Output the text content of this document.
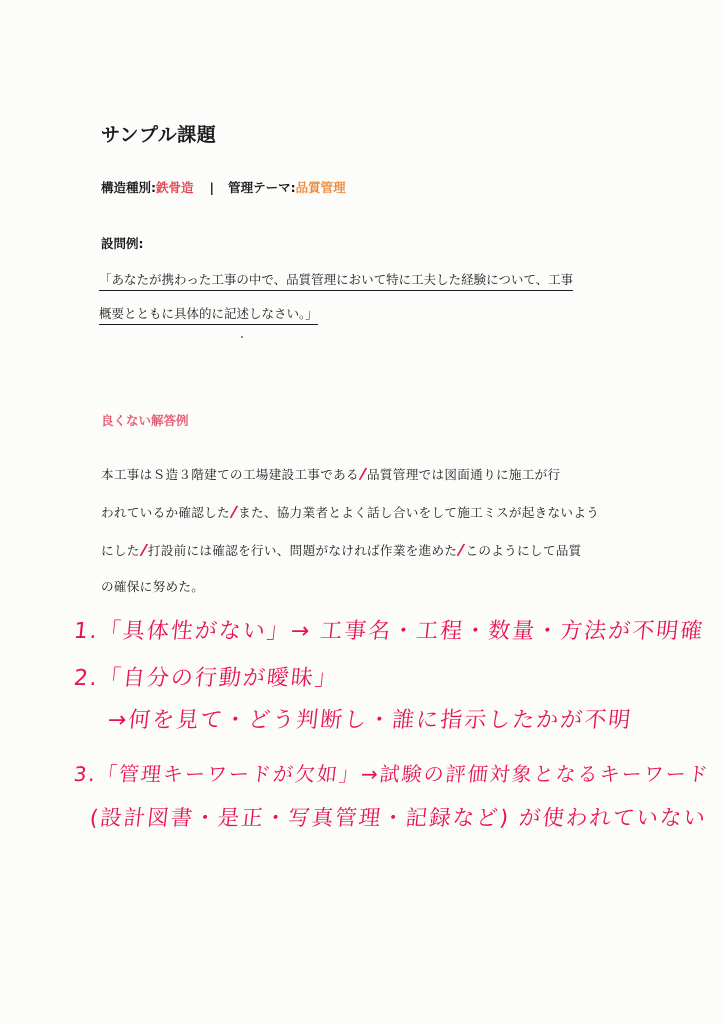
サンプル課題
構造種別:鉄骨造 | 管理テーマ:品質管理
設問例:
「あなたが携わった工事の中で、品質管理において特に工夫した経験について、工事
概要とともに具体的に記述しなさい。」
良くない解答例
本工事はＳ造３階建ての工場建設工事である/品質管理では図面通りに施工が行
われているか確認した/また、協力業者とよく話し合いをして施工ミスが起きないよう
にした/打設前には確認を行い、問題がなければ作業を進めた/このようにして品質
の確保に努めた。
1.「具体性がない」→ 工事名・工程・数量・方法が不明確
2.「自分の行動が曖昧」
→何を見て・どう判断し・誰に指示したかが不明
3.「管理キーワードが欠如」→試験の評価対象となるキーワード
(設計図書・是正・写真管理・記録など) が使われていない
